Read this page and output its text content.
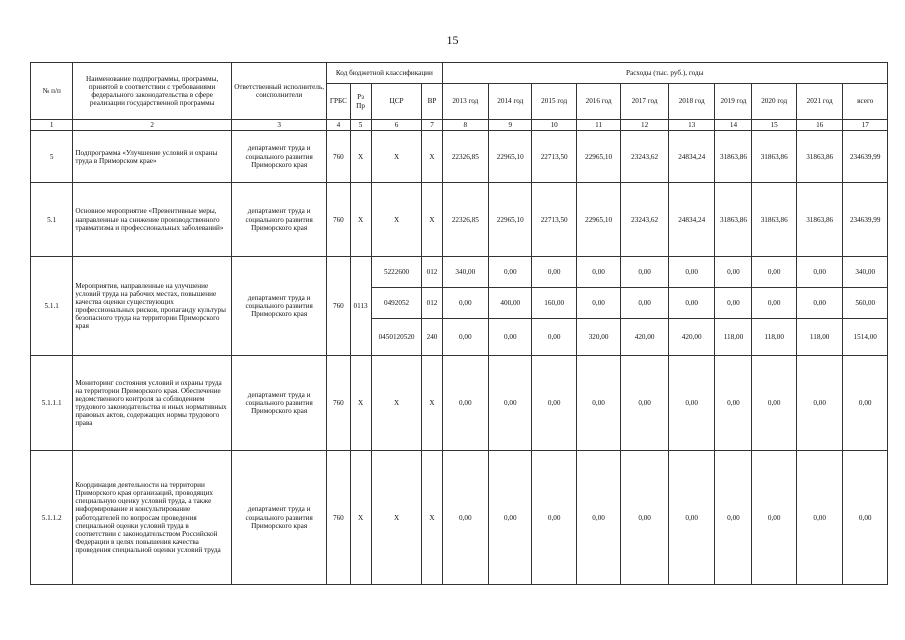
15
№ п/п	Наименование подпрограммы, программы, принятой в соответствии с требованиями федерального законодательства в сфере реализации государственной программы	Ответственный исполнитель, соисполнители	Код бюджетной классификации				Расходы (тыс. руб.), годы									
			ГРБС	Рз Пр	ЦСР	ВР	2013 год	2014 год	2015 год	2016 год	2017 год	2018 год	2019 год	2020 год	2021 год	всего
1	2	3	4	5	6	7	8	9	10	11	12	13	14	15	16	17
5	Подпрограмма «Улучшение условий и охраны труда в Приморском крае»	департамент труда и социального развития Приморского края	760	X	X	X	22326,85	22965,10	22713,50	22965,10	23243,62	24834,24	31863,86	31863,86	31863,86	234639,99
5.1	Основное мероприятие «Превентивные меры, направленные на снижение производственного травматизма и профессиональных заболеваний»	департамент труда и социального развития Приморского края	760	X	X	X	22326,85	22965,10	22713,50	22965,10	23243,62	24834,24	31863,86	31863,86	31863,86	234639,99
5.1.1	Мероприятия, направленные на улучшение условий труда на рабочих местах, повышение качества оценки существующих профессиональных рисков, пропаганду культуры безопасного труда на территории Приморского края	департамент труда и социального развития Приморского края	760	0113	5222600	012	340,00	0,00	0,00	0,00	0,00	0,00	0,00	0,00	0,00	340,00
					0492052	012	0,00	400,00	160,00	0,00	0,00	0,00	0,00	0,00	0,00	560,00
					0450120520	240	0,00	0,00	0,00	320,00	420,00	420,00	118,00	118,00	118,00	1514,00
5.1.1.1	Мониторинг состояния условий и охраны труда на территории Приморского края. Обеспечение ведомственного контроля за соблюдением трудового законодательства и иных нормативных правовых актов, содержащих нормы трудового права	департамент труда и социального развития Приморского края	760	X	X	X	0,00	0,00	0,00	0,00	0,00	0,00	0,00	0,00	0,00	0,00
5.1.1.2	Координация деятельности на территории Приморского края организаций, проводящих специальную оценку условий труда, а также информирование и консультирование работодателей по вопросам проведения специальной оценки условий труда в соответствии с законодательством Российской Федерации в целях повышения качества проведения специальной оценки условий труда	департамент труда и социального развития Приморского края	760	X	X	X	0,00	0,00	0,00	0,00	0,00	0,00	0,00	0,00	0,00	0,00
